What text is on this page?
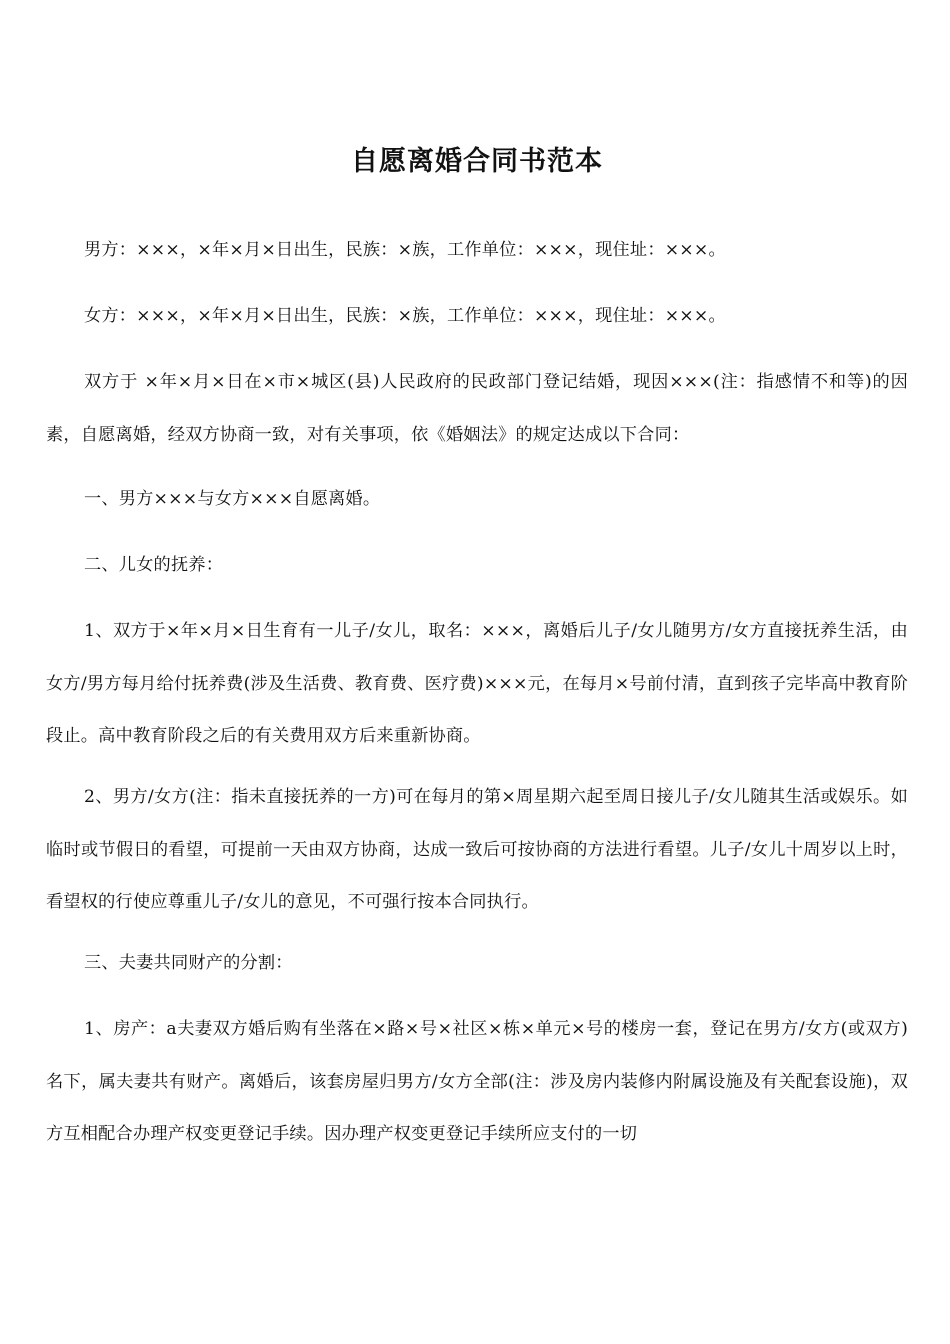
自愿离婚合同书范本

男方：×××，×年×月×日出生，民族：×族，工作单位：×××，现住址：×××。

女方：×××，×年×月×日出生，民族：×族，工作单位：×××，现住址：×××。

双方于 ×年×月×日在×市×城区(县)人民政府的民政部门登记结婚，现因×××(注：指感情不和等)的因素，自愿离婚，经双方协商一致，对有关事项，依《婚姻法》的规定达成以下合同：

一、男方×××与女方×××自愿离婚。

二、儿女的抚养：

1、双方于×年×月×日生育有一儿子/女儿，取名：×××，离婚后儿子/女儿随男方/女方直接抚养生活，由女方/男方每月给付抚养费(涉及生活费、教育费、医疗费)×××元，在每月×号前付清，直到孩子完毕高中教育阶段止。高中教育阶段之后的有关费用双方后来重新协商。

2、男方/女方(注：指未直接抚养的一方)可在每月的第×周星期六起至周日接儿子/女儿随其生活或娱乐。如临时或节假日的看望，可提前一天由双方协商，达成一致后可按协商的方法进行看望。儿子/女儿十周岁以上时，看望权的行使应尊重儿子/女儿的意见，不可强行按本合同执行。

三、夫妻共同财产的分割：

1、房产：a夫妻双方婚后购有坐落在×路×号×社区×栋×单元×号的楼房一套，登记在男方/女方(或双方)名下，属夫妻共有财产。离婚后，该套房屋归男方/女方全部(注：涉及房内装修内附属设施及有关配套设施)，双方互相配合办理产权变更登记手续。因办理产权变更登记手续所应支付的一切
